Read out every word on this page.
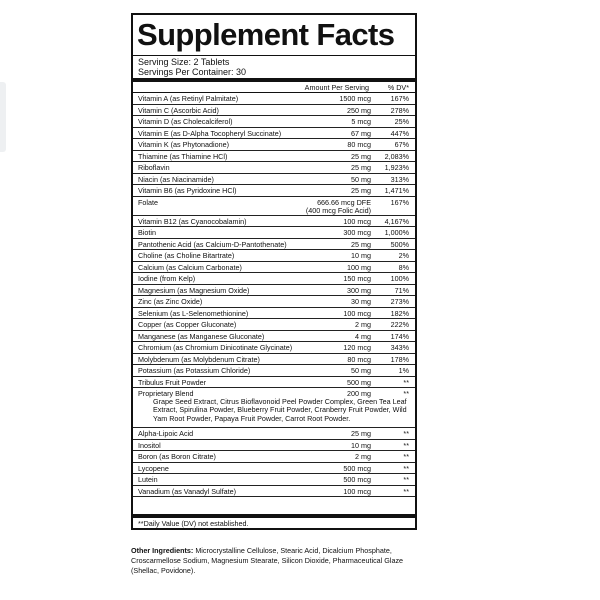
Supplement Facts
Serving Size: 2 Tablets
Servings Per Container: 30
Amount Per Serving	% DV*
Vitamin A (as Retinyl Palmitate)	1500 mcg	167%
Vitamin C (Ascorbic Acid)	250 mg	278%
Vitamin D (as Cholecalciferol)	5 mcg	25%
Vitamin E (as D-Alpha Tocopheryl Succinate)	67 mg	447%
Vitamin K (as Phytonadione)	80 mcg	67%
Thiamine (as Thiamine HCl)	25 mg 2,083%
Riboflavin	25 mg 1,923%
Niacin (as Niacinamide)	50 mg	313%
Vitamin B6 (as Pyridoxine HCl)	25 mg 1,471%
Folate	666.66 mcg DFE	167%
(400 mcg Folic Acid)
Vitamin B12 (as Cyanocobalamin)	100 mcg 4,167%
Biotin	300 mcg 1,000%
Pantothenic Acid (as Calcium-D-Pantothenate)	25 mg	500%
Choline (as Choline Bitartrate)	10 mg	2%
Calcium (as Calcium Carbonate)	100 mg	8%
Iodine (from Kelp)	150 mcg	100%
Magnesium (as Magnesium Oxide)	300 mg	71%
Zinc (as Zinc Oxide)	30 mg	273%
Selenium (as L-Selenomethionine)	100 mcg	182%
Copper (as Copper Gluconate)	2 mg	222%
Manganese (as Manganese Gluconate)	4 mg	174%
Chromium (as Chromium Dinicotinate Glycinate)	120 mcg	343%
Molybdenum (as Molybdenum Citrate)	80 mcg	178%
Potassium (as Potassium Chloride)	50 mg	1%
Tribulus Fruit Powder	500 mg	**
Proprietary Blend	200 mg	**
Grape Seed Extract, Citrus Bioflavonoid Peel Powder Complex, Green Tea Leaf Extract, Spirulina Powder, Blueberry Fruit Powder, Cranberry Fruit Powder, Wild Yam Root Powder, Papaya Fruit Powder, Carrot Root Powder.
Alpha-Lipoic Acid	25 mg	**
Inositol	10 mg	**
Boron (as Boron Citrate)	2 mg	**
Lycopene	500 mcg	**
Lutein	500 mcg	**
Vanadium (as Vanadyl Sulfate)	100 mcg	**
**Daily Value (DV) not established.
Other Ingredients: Microcrystalline Cellulose, Stearic Acid, Dicalcium Phosphate, Croscarmellose Sodium, Magnesium Stearate, Silicon Dioxide, Pharmaceutical Glaze (Shellac, Povidone).
